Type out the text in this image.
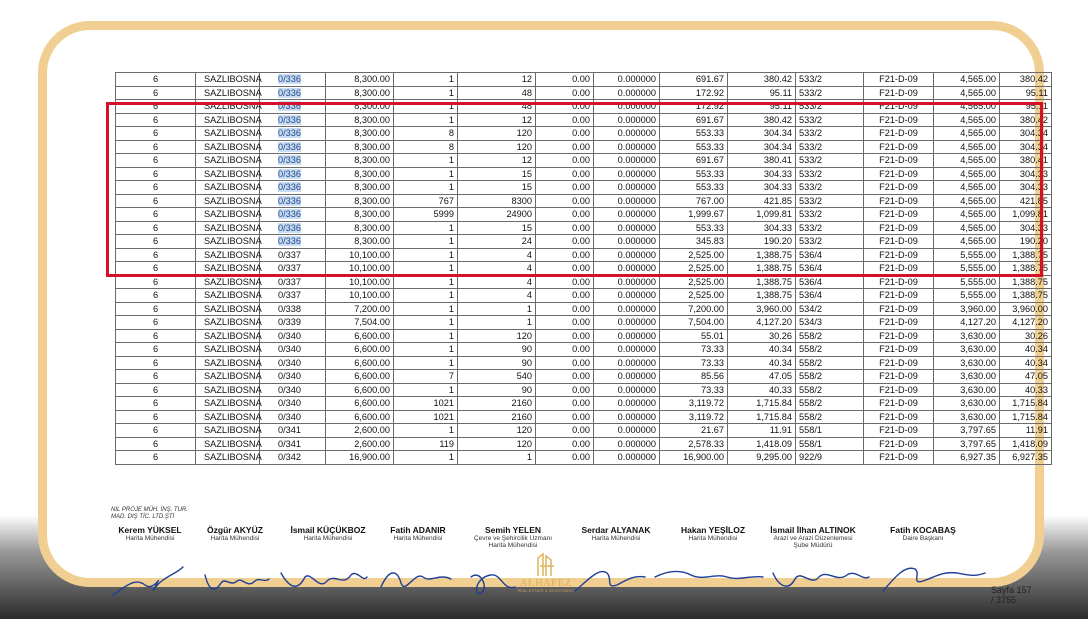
6	SAZLIBOSNA	0/336	8,300.00	1	12	0.00	0.000000	691.67	380.42	533/2	F21-D-09	4,565.00	380.42
6	SAZLIBOSNA	0/336	8,300.00	1	48	0.00	0.000000	172.92	95.11	533/2	F21-D-09	4,565.00	95.11
6	SAZLIBOSNA	0/336	8,300.00	1	48	0.00	0.000000	172.92	95.11	533/2	F21-D-09	4,565.00	95.11
6	SAZLIBOSNA	0/336	8,300.00	1	12	0.00	0.000000	691.67	380.42	533/2	F21-D-09	4,565.00	380.42
6	SAZLIBOSNA	0/336	8,300.00	8	120	0.00	0.000000	553.33	304.34	533/2	F21-D-09	4,565.00	304.34
6	SAZLIBOSNA	0/336	8,300.00	8	120	0.00	0.000000	553.33	304.34	533/2	F21-D-09	4,565.00	304.34
6	SAZLIBOSNA	0/336	8,300.00	1	12	0.00	0.000000	691.67	380.41	533/2	F21-D-09	4,565.00	380.41
6	SAZLIBOSNA	0/336	8,300.00	1	15	0.00	0.000000	553.33	304.33	533/2	F21-D-09	4,565.00	304.33
6	SAZLIBOSNA	0/336	8,300.00	1	15	0.00	0.000000	553.33	304.33	533/2	F21-D-09	4,565.00	304.33
6	SAZLIBOSNA	0/336	8,300.00	767	8300	0.00	0.000000	767.00	421.85	533/2	F21-D-09	4,565.00	421.85
6	SAZLIBOSNA	0/336	8,300.00	5999	24900	0.00	0.000000	1,999.67	1,099.81	533/2	F21-D-09	4,565.00	1,099.81
6	SAZLIBOSNA	0/336	8,300.00	1	15	0.00	0.000000	553.33	304.33	533/2	F21-D-09	4,565.00	304.33
6	SAZLIBOSNA	0/336	8,300.00	1	24	0.00	0.000000	345.83	190.20	533/2	F21-D-09	4,565.00	190.20
6	SAZLIBOSNA	0/337	10,100.00	1	4	0.00	0.000000	2,525.00	1,388.75	536/4	F21-D-09	5,555.00	1,388.75
6	SAZLIBOSNA	0/337	10,100.00	1	4	0.00	0.000000	2,525.00	1,388.75	536/4	F21-D-09	5,555.00	1,388.75
6	SAZLIBOSNA	0/337	10,100.00	1	4	0.00	0.000000	2,525.00	1,388.75	536/4	F21-D-09	5,555.00	1,388.75
6	SAZLIBOSNA	0/337	10,100.00	1	4	0.00	0.000000	2,525.00	1,388.75	536/4	F21-D-09	5,555.00	1,388.75
6	SAZLIBOSNA	0/338	7,200.00	1	1	0.00	0.000000	7,200.00	3,960.00	534/2	F21-D-09	3,960.00	3,960.00
6	SAZLIBOSNA	0/339	7,504.00	1	1	0.00	0.000000	7,504.00	4,127.20	534/3	F21-D-09	4,127.20	4,127.20
6	SAZLIBOSNA	0/340	6,600.00	1	120	0.00	0.000000	55.01	30.26	558/2	F21-D-09	3,630.00	30.26
6	SAZLIBOSNA	0/340	6,600.00	1	90	0.00	0.000000	73.33	40.34	558/2	F21-D-09	3,630.00	40.34
6	SAZLIBOSNA	0/340	6,600.00	1	90	0.00	0.000000	73.33	40.34	558/2	F21-D-09	3,630.00	40.34
6	SAZLIBOSNA	0/340	6,600.00	7	540	0.00	0.000000	85.56	47.05	558/2	F21-D-09	3,630.00	47.05
6	SAZLIBOSNA	0/340	6,600.00	1	90	0.00	0.000000	73.33	40.33	558/2	F21-D-09	3,630.00	40.33
6	SAZLIBOSNA	0/340	6,600.00	1021	2160	0.00	0.000000	3,119.72	1,715.84	558/2	F21-D-09	3,630.00	1,715.84
6	SAZLIBOSNA	0/340	6,600.00	1021	2160	0.00	0.000000	3,119.72	1,715.84	558/2	F21-D-09	3,630.00	1,715.84
6	SAZLIBOSNA	0/341	2,600.00	1	120	0.00	0.000000	21.67	11.91	558/1	F21-D-09	3,797.65	11.91
6	SAZLIBOSNA	0/341	2,600.00	119	120	0.00	0.000000	2,578.33	1,418.09	558/1	F21-D-09	3,797.65	1,418.09
6	SAZLIBOSNA	0/342	16,900.00	1	1	0.00	0.000000	16,900.00	9,295.00	922/9	F21-D-09	6,927.35	6,927.35
NIL PROJE MÜH. İNŞ. TUR.
MAD. DIŞ TİC. LTD.ŞTİ
Kerem YÜKSEL
Harita Mühendisi
Özgür AKYÜZ
Harita Mühendisi
İsmail KÜÇÜKBOZ
Harita Mühendisi
Fatih ADANIR
Harita Mühendisi
Semih YELEN
Çevre ve Şehircilik Uzmanı
Harita Mühendisi
Serdar ALYANAK
Harita Mühendisi
Hakan YEŞİLOZ
Harita Mühendisi
İsmail İlhan ALTINOK
Arazi ve Arazi Düzenlemesi
Şube Müdürü
Fatih KOCABAŞ
Daire Başkanı
Sayfa 157 / 3755
ALHAFEZ
REAL ESTATE & INVESTMENT
